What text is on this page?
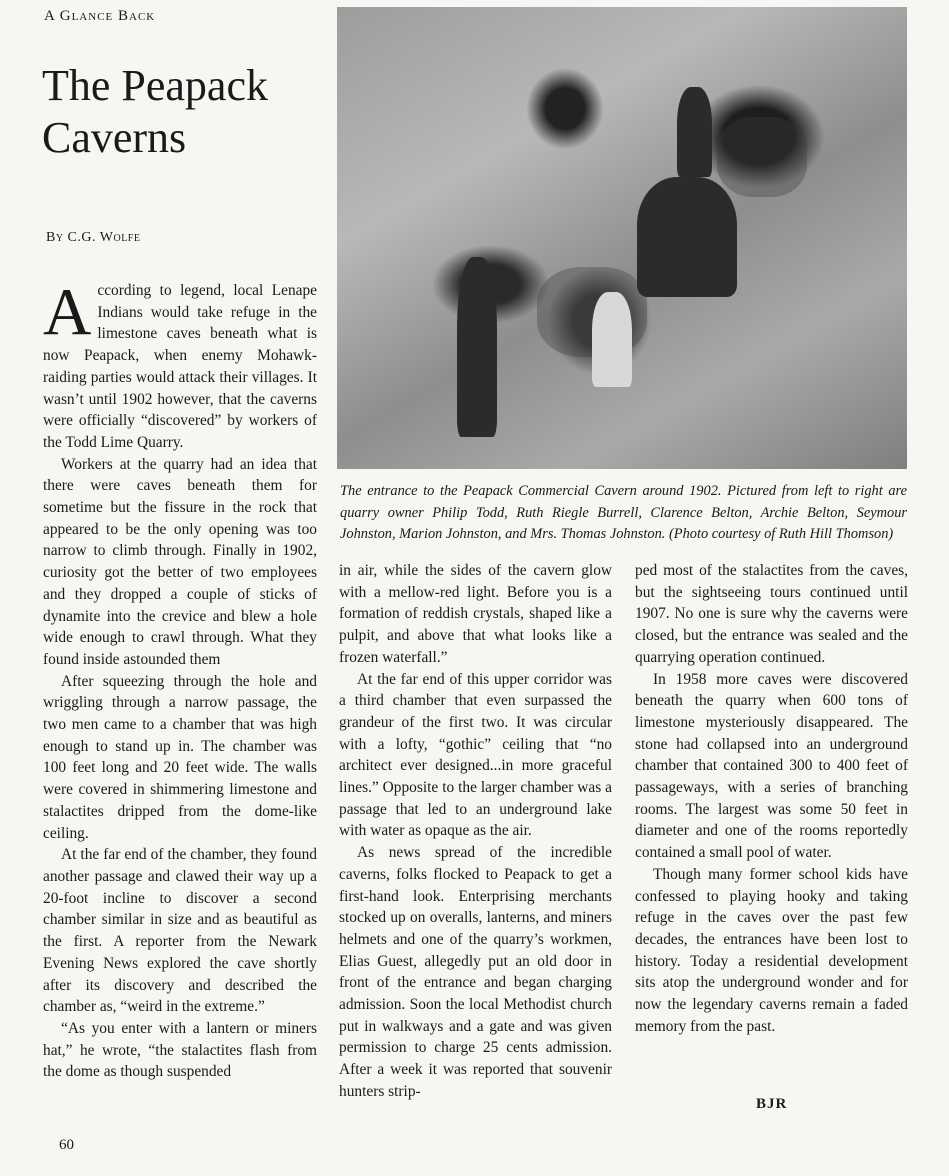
A Glance Back
The Peapack Caverns
By C.G. Wolfe

The entrance to the Peapack Commercial Cavern around 1902. Pictured from left to right are quarry owner Philip Todd, Ruth Riegle Burrell, Clarence Belton, Archie Belton, Seymour Johnston, Marion Johnston, and Mrs. Thomas Johnston. (Photo courtesy of Ruth Hill Thomson)

According to legend, local Lenape Indians would take refuge in the limestone caves beneath what is now Peapack, when enemy Mohawk-raiding parties would attack their villages. It wasn’t until 1902 however, that the caverns were officially “discovered” by workers of the Todd Lime Quarry.

Workers at the quarry had an idea that there were caves beneath them for sometime but the fissure in the rock that appeared to be the only opening was too narrow to climb through. Finally in 1902, curiosity got the better of two employees and they dropped a couple of sticks of dynamite into the crevice and blew a hole wide enough to crawl through. What they found inside astounded them

After squeezing through the hole and wriggling through a narrow passage, the two men came to a chamber that was high enough to stand up in. The chamber was 100 feet long and 20 feet wide. The walls were covered in shimmering limestone and stalactites dripped from the dome-like ceiling.

At the far end of the chamber, they found another passage and clawed their way up a 20-foot incline to discover a second chamber similar in size and as beautiful as the first. A reporter from the Newark Evening News explored the cave shortly after its discovery and described the chamber as, “weird in the extreme.”

“As you enter with a lantern or miners hat,” he wrote, “the stalactites flash from the dome as though suspended

in air, while the sides of the cavern glow with a mellow-red light. Before you is a formation of reddish crystals, shaped like a pulpit, and above that what looks like a frozen waterfall.”

At the far end of this upper corridor was a third chamber that even surpassed the grandeur of the first two. It was circular with a lofty, “gothic” ceiling that “no architect ever designed...in more graceful lines.” Opposite to the larger chamber was a passage that led to an underground lake with water as opaque as the air.

As news spread of the incredible caverns, folks flocked to Peapack to get a first-hand look. Enterprising merchants stocked up on overalls, lanterns, and miners helmets and one of the quarry’s workmen, Elias Guest, allegedly put an old door in front of the entrance and began charging admission. Soon the local Methodist church put in walkways and a gate and was given permission to charge 25 cents admission. After a week it was reported that souvenir hunters strip-

ped most of the stalactites from the caves, but the sightseeing tours continued until 1907. No one is sure why the caverns were closed, but the entrance was sealed and the quarrying operation continued.

In 1958 more caves were discovered beneath the quarry when 600 tons of limestone mysteriously disappeared. The stone had collapsed into an underground chamber that contained 300 to 400 feet of passageways, with a series of branching rooms. The largest was some 50 feet in diameter and one of the rooms reportedly contained a small pool of water.

Though many former school kids have confessed to playing hooky and taking refuge in the caves over the past few decades, the entrances have been lost to history. Today a residential development sits atop the underground wonder and for now the legendary caverns remain a faded memory from the past.

BJR
60
